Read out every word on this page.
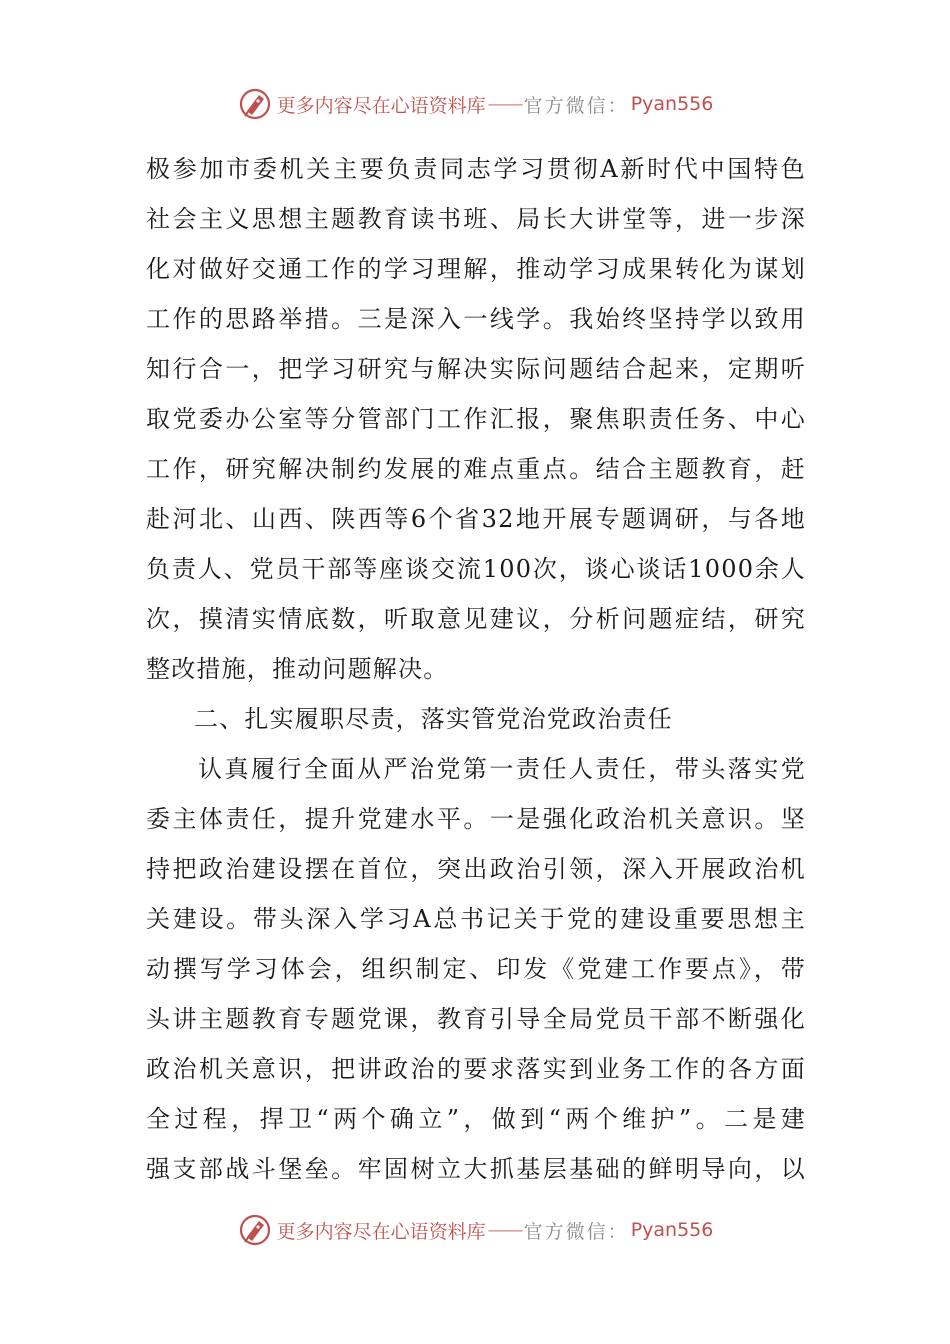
更多内容尽在心语资料库 —— 官方微信： Pyan556
极参加市委机关主要负责同志学习贯彻A新时代中国特色
社会主义思想主题教育读书班、局长大讲堂等，进一步深
化对做好交通工作的学习理解，推动学习成果转化为谋划
工作的思路举措。三是深入一线学。我始终坚持学以致用
知行合一，把学习研究与解决实际问题结合起来，定期听
取党委办公室等分管部门工作汇报，聚焦职责任务、中心
工作，研究解决制约发展的难点重点。结合主题教育，赶
赴河北、山西、陕西等6个省32地开展专题调研，与各地
负责人、党员干部等座谈交流100次，谈心谈话1000余人
次，摸清实情底数，听取意见建议，分析问题症结，研究
整改措施，推动问题解决。
二、扎实履职尽责，落实管党治党政治责任
认真履行全面从严治党第一责任人责任，带头落实党
委主体责任，提升党建水平。一是强化政治机关意识。坚
持把政治建设摆在首位，突出政治引领，深入开展政治机
关建设。带头深入学习A总书记关于党的建设重要思想主
动撰写学习体会，组织制定、印发《党建工作要点》，带
头讲主题教育专题党课，教育引导全局党员干部不断强化
政治机关意识，把讲政治的要求落实到业务工作的各方面
全过程，捍卫“两个确立”，做到“两个维护”。二是建
强支部战斗堡垒。牢固树立大抓基层基础的鲜明导向，以
更多内容尽在心语资料库 —— 官方微信： Pyan556
